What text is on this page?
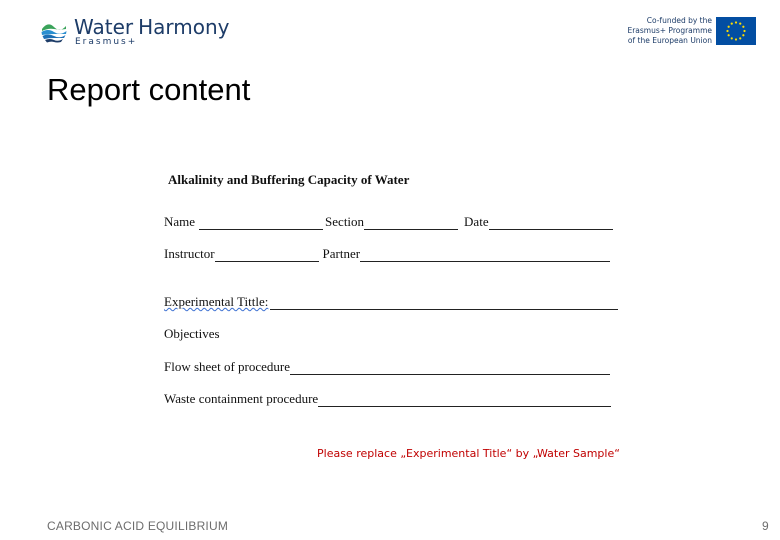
Water Harmony
Erasmus+
Co-funded by the
Erasmus+ Programme
of the European Union
Report content
Alkalinity and Buffering Capacity of Water
Name	Section	Date
Instructor	Partner
Experimental Tittle:
Objectives
Flow sheet of procedure
Waste containment procedure
Please replace „Experimental Title“ by „Water Sample“
CARBONIC ACID EQUILIBRIUM	9
